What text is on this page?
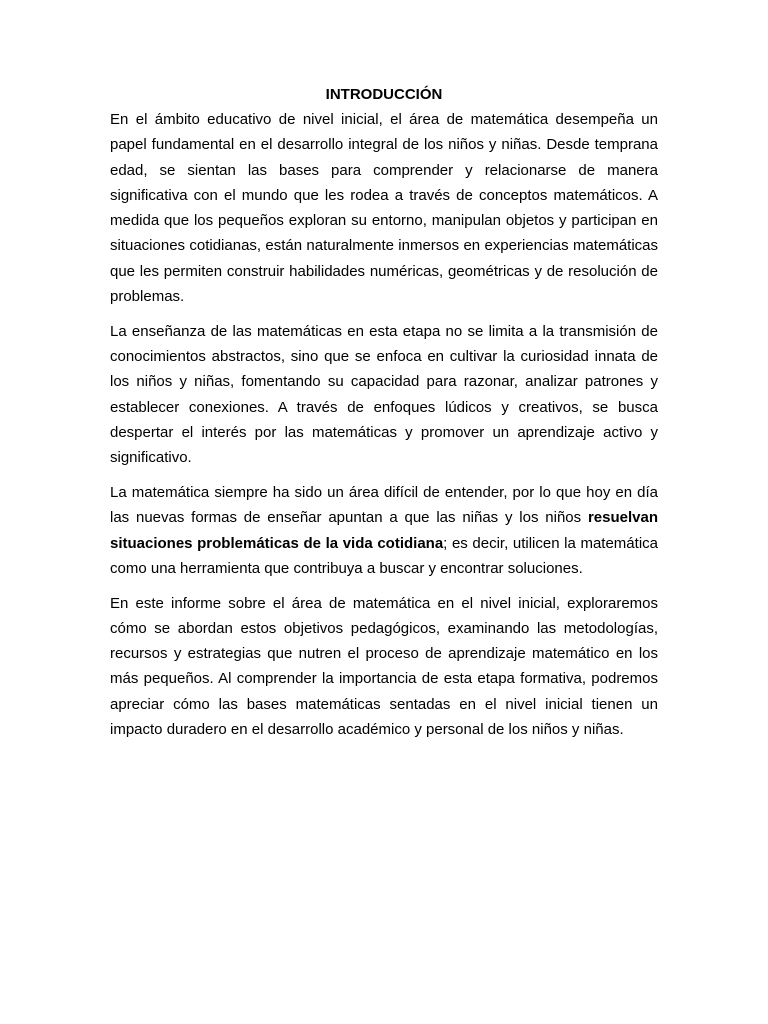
INTRODUCCIÓN

En el ámbito educativo de nivel inicial, el área de matemática desempeña un papel fundamental en el desarrollo integral de los niños y niñas. Desde temprana edad, se sientan las bases para comprender y relacionarse de manera significativa con el mundo que les rodea a través de conceptos matemáticos. A medida que los pequeños exploran su entorno, manipulan objetos y participan en situaciones cotidianas, están naturalmente inmersos en experiencias matemáticas que les permiten construir habilidades numéricas, geométricas y de resolución de problemas.

La enseñanza de las matemáticas en esta etapa no se limita a la transmisión de conocimientos abstractos, sino que se enfoca en cultivar la curiosidad innata de los niños y niñas, fomentando su capacidad para razonar, analizar patrones y establecer conexiones. A través de enfoques lúdicos y creativos, se busca despertar el interés por las matemáticas y promover un aprendizaje activo y significativo.

La matemática siempre ha sido un área difícil de entender, por lo que hoy en día las nuevas formas de enseñar apuntan a que las niñas y los niños resuelvan situaciones problemáticas de la vida cotidiana; es decir, utilicen la matemática como una herramienta que contribuya a buscar y encontrar soluciones.

En este informe sobre el área de matemática en el nivel inicial, exploraremos cómo se abordan estos objetivos pedagógicos, examinando las metodologías, recursos y estrategias que nutren el proceso de aprendizaje matemático en los más pequeños. Al comprender la importancia de esta etapa formativa, podremos apreciar cómo las bases matemáticas sentadas en el nivel inicial tienen un impacto duradero en el desarrollo académico y personal de los niños y niñas.
